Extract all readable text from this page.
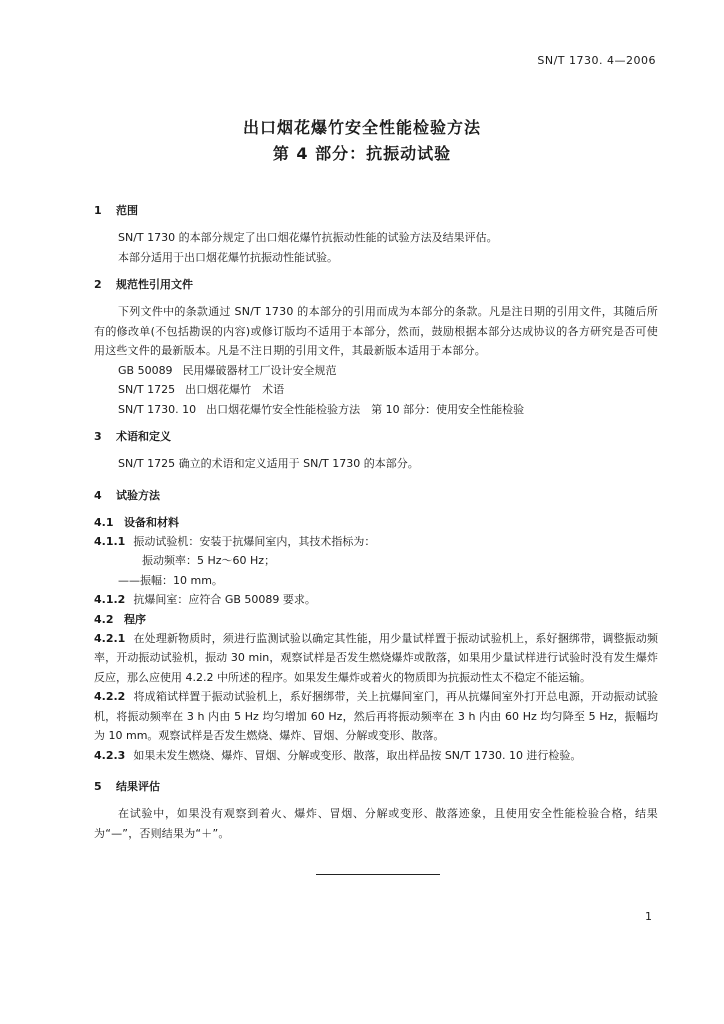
SN/T 1730. 4—2006
出口烟花爆竹安全性能检验方法
第 4 部分：抗振动试验
1 范围
SN/T 1730 的本部分规定了出口烟花爆竹抗振动性能的试验方法及结果评估。
本部分适用于出口烟花爆竹抗振动性能试验。
2 规范性引用文件
下列文件中的条款通过 SN/T 1730 的本部分的引用而成为本部分的条款。凡是注日期的引用文件，其随后所有的修改单(不包括勘误的内容)或修订版均不适用于本部分，然而，鼓励根据本部分达成协议的各方研究是否可使用这些文件的最新版本。凡是不注日期的引用文件，其最新版本适用于本部分。
GB 50089 民用爆破器材工厂设计安全规范
SN/T 1725 出口烟花爆竹　术语
SN/T 1730. 10 出口烟花爆竹安全性能检验方法　第 10 部分：使用安全性能检验
3 术语和定义
SN/T 1725 确立的术语和定义适用于 SN/T 1730 的本部分。
4 试验方法
4.1 设备和材料
4.1.1 振动试验机：安装于抗爆间室内，其技术指标为：
振动频率：5 Hz～60 Hz；
——振幅：10 mm。
4.1.2 抗爆间室：应符合 GB 50089 要求。
4.2 程序
4.2.1 在处理新物质时，须进行监测试验以确定其性能，用少量试样置于振动试验机上，系好捆绑带，调整振动频率，开动振动试验机，振动 30 min，观察试样是否发生燃烧爆炸或散落，如果用少量试样进行试验时没有发生爆炸反应，那么应使用 4.2.2 中所述的程序。如果发生爆炸或着火的物质即为抗振动性太不稳定不能运输。
4.2.2 将成箱试样置于振动试验机上，系好捆绑带，关上抗爆间室门，再从抗爆间室外打开总电源，开动振动试验机，将振动频率在 3 h 内由 5 Hz 均匀增加 60 Hz，然后再将振动频率在 3 h 内由 60 Hz 均匀降至 5 Hz，振幅均为 10 mm。观察试样是否发生燃烧、爆炸、冒烟、分解或变形、散落。
4.2.3 如果未发生燃烧、爆炸、冒烟、分解或变形、散落，取出样品按 SN/T 1730. 10 进行检验。
5 结果评估
在试验中，如果没有观察到着火、爆炸、冒烟、分解或变形、散落迹象，且使用安全性能检验合格，结果为“—”，否则结果为“＋”。
1
